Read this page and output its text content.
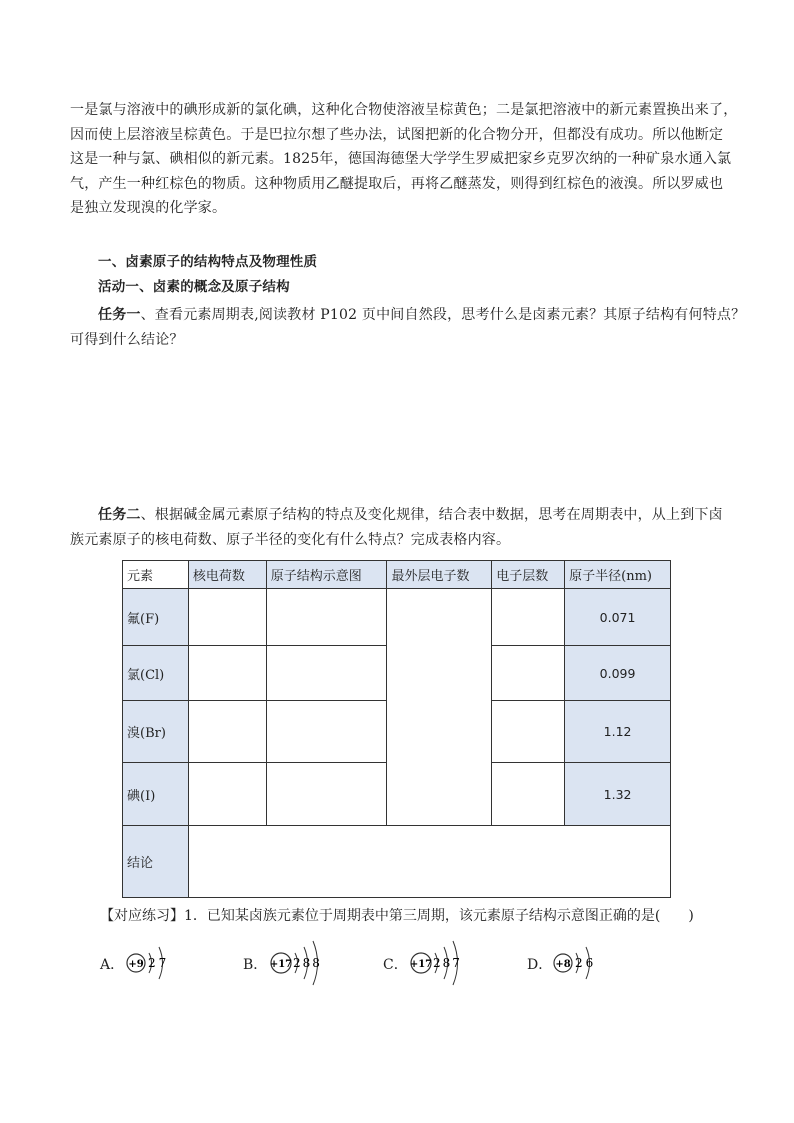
一是氯与溶液中的碘形成新的氯化碘，这种化合物使溶液呈棕黄色；二是氯把溶液中的新元素置换出来了，
因而使上层溶液呈棕黄色。于是巴拉尔想了些办法，试图把新的化合物分开，但都没有成功。所以他断定
这是一种与氯、碘相似的新元素。1825年，德国海德堡大学学生罗威把家乡克罗次纳的一种矿泉水通入氯
气，产生一种红棕色的物质。这种物质用乙醚提取后，再将乙醚蒸发，则得到红棕色的液溴。所以罗威也
是独立发现溴的化学家。
一、卤素原子的结构特点及物理性质
活动一、卤素的概念及原子结构
任务一、查看元素周期表,阅读教材 P102 页中间自然段，思考什么是卤素元素？其原子结构有何特点？
可得到什么结论？
任务二、根据碱金属元素原子结构的特点及变化规律，结合表中数据，思考在周期表中，从上到下卤
族元素原子的核电荷数、原子半径的变化有什么特点？完成表格内容。
元素	核电荷数	原子结构示意图	最外层电子数	电子层数	原子半径(nm)
氟(F)					0.071
氯(Cl)					0.099
溴(Br)					1.12
碘(I)					1.32
结论					
【对应练习】1．已知某卤族元素位于周期表中第三周期，该元素原子结构示意图正确的是(　　)
A． +9 27	B． +17 288	C． +17 287	D． +8 26
